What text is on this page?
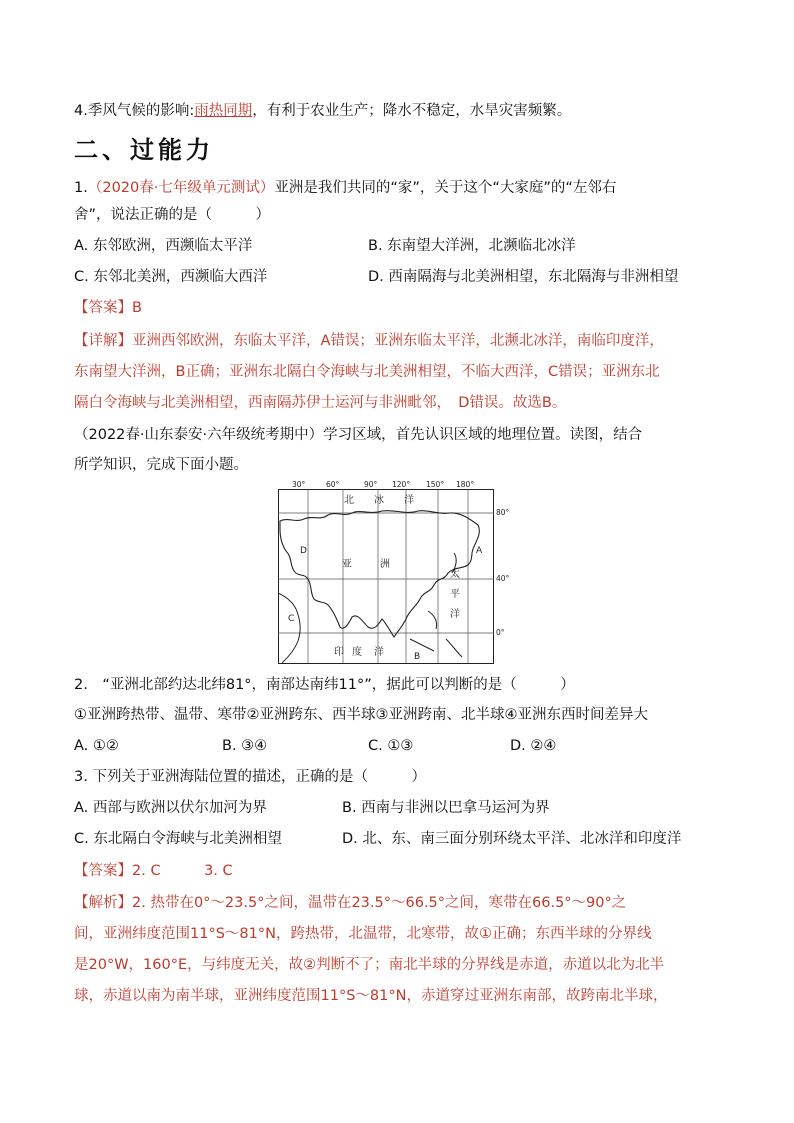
4.季风气候的影响:雨热同期，有利于农业生产；降水不稳定，水旱灾害频繁。
二、过能力
1.（2020春·七年级单元测试）亚洲是我们共同的“家”，关于这个“大家庭”的“左邻右
舍”，说法正确的是（　　　）
A. 东邻欧洲，西濒临太平洋	B. 东南望大洋洲，北濒临北冰洋
C. 东邻北美洲，西濒临大西洋	D. 西南隔海与北美洲相望，东北隔海与非洲相望
【答案】B
【详解】亚洲西邻欧洲，东临太平洋，A错误；亚洲东临太平洋，北濒北冰洋，南临印度洋，
东南望大洋洲，B正确；亚洲东北隔白令海峡与北美洲相望，不临大西洋，C错误；亚洲东北
隔白令海峡与北美洲相望，西南隔苏伊士运河与非洲毗邻，　D错误。故选B。
（2022春·山东泰安·六年级统考期中）学习区域，首先认识区域的地理位置。读图，结合
所学知识，完成下面小题。
30°	60°	90° 120° 150° 180°
80°
40°
0°
北 冰 洋
亚	洲
太
平
洋
印 度 洋
A
B
C
D
2.　“亚洲北部约达北纬81°，南部达南纬11°”，据此可以判断的是（　　　）
①亚洲跨热带、温带、寒带②亚洲跨东、西半球③亚洲跨南、北半球④亚洲东西时间差异大
A. ①②	B. ③④	C. ①③	D. ②④
3. 下列关于亚洲海陆位置的描述，正确的是（　　　）
A. 西部与欧洲以伏尔加河为界	B. 西南与非洲以巴拿马运河为界
C. 东北隔白令海峡与北美洲相望	D. 北、东、南三面分别环绕太平洋、北冰洋和印度洋
【答案】2. C　　　3. C
【解析】2. 热带在0°～23.5°之间，温带在23.5°～66.5°之间，寒带在66.5°～90°之
间，亚洲纬度范围11°S～81°N，跨热带，北温带，北寒带，故①正确；东西半球的分界线
是20°W，160°E，与纬度无关，故②判断不了；南北半球的分界线是赤道，赤道以北为北半
球，赤道以南为南半球，亚洲纬度范围11°S～81°N，赤道穿过亚洲东南部，故跨南北半球，
